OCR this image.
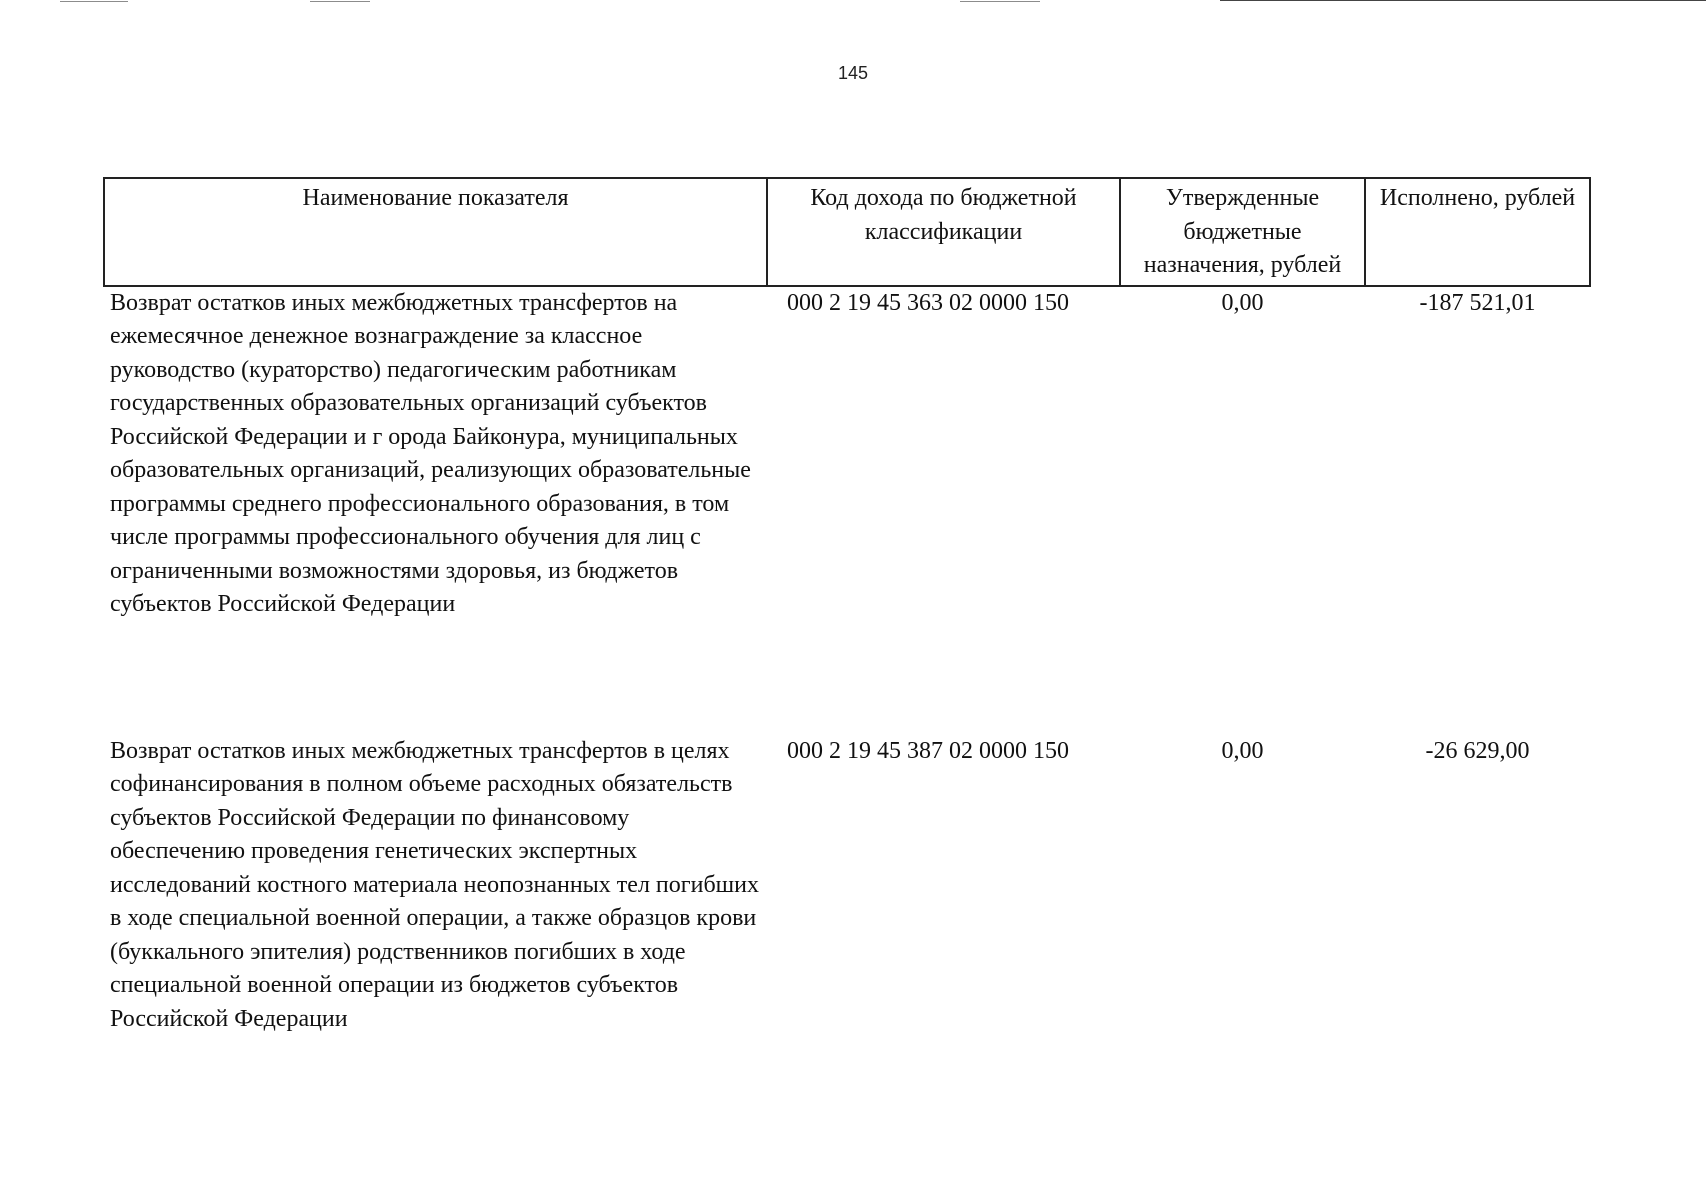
145
Наименование показателя	Код дохода по бюджетной классификации	Утвержденные бюджетные назначения, рублей	Исполнено, рублей
Возврат остатков иных межбюджетных трансфертов на ежемесячное денежное вознаграждение за классное руководство (кураторство) педагогическим работникам государственных образовательных организаций субъектов Российской Федерации и г орода Байконура, муниципальных образовательных организаций, реализующих образовательные программы среднего профессионального образования, в том числе программы профессионального обучения для лиц с ограниченными возможностями здоровья, из бюджетов субъектов Российской Федерации	000 2 19 45 363 02 0000 150	0,00	-187 521,01
Возврат остатков иных межбюджетных трансфертов в целях софинансирования в полном объеме расходных обязательств субъектов Российской Федерации по финансовому обеспечению проведения генетических экспертных исследований костного материала неопознанных тел погибших в ходе специальной военной операции, а также образцов крови (буккального эпителия) родственников погибших в ходе специальной военной операции из бюджетов субъектов Российской Федерации	000 2 19 45 387 02 0000 150	0,00	-26 629,00
